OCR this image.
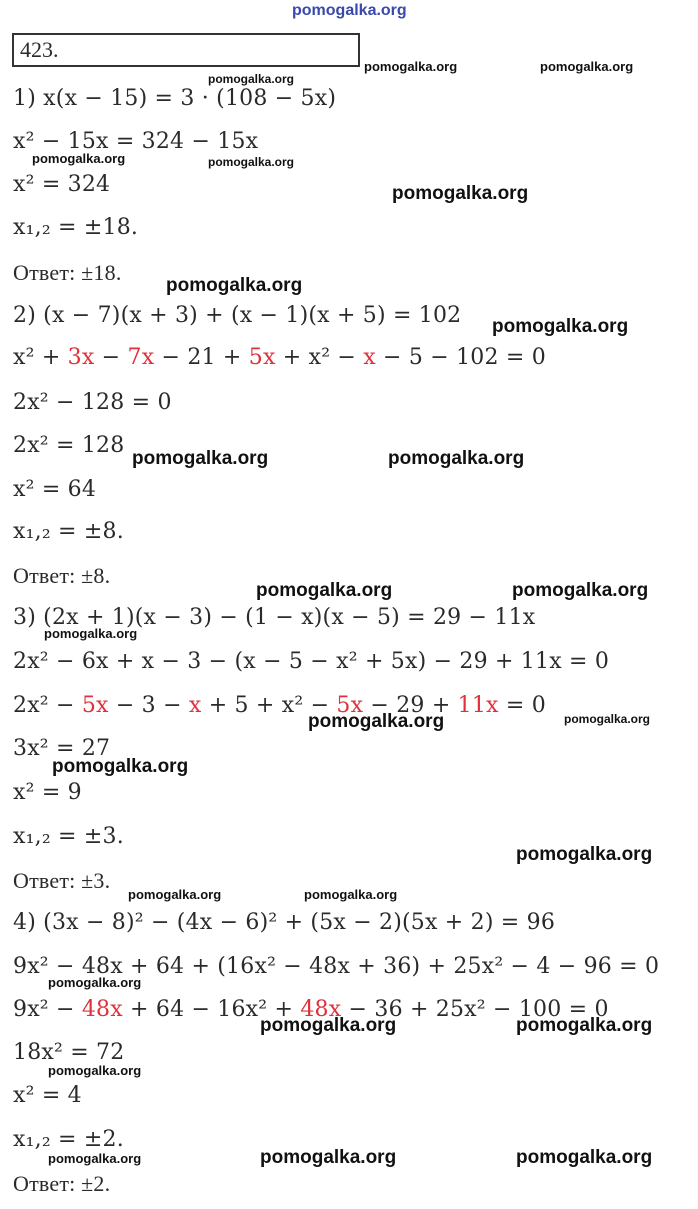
pomogalka.org
423.
1) x(x − 15) = 3 · (108 − 5x)
x² − 15x = 324 − 15x
x² = 324
x₁,₂ = ±18.
Ответ: ±18.
2) (x − 7)(x + 3) + (x − 1)(x + 5) = 102
x² + 3x − 7x − 21 + 5x + x² − x − 5 − 102 = 0
2x² − 128 = 0
2x² = 128
x² = 64
x₁,₂ = ±8.
Ответ: ±8.
3) (2x + 1)(x − 3) − (1 − x)(x − 5) = 29 − 11x
2x² − 6x + x − 3 − (x − 5 − x² + 5x) − 29 + 11x = 0
2x² − 5x − 3 − x + 5 + x² − 5x − 29 + 11x = 0
3x² = 27
x² = 9
x₁,₂ = ±3.
Ответ: ±3.
4) (3x − 8)² − (4x − 6)² + (5x − 2)(5x + 2) = 96
9x² − 48x + 64 + (16x² − 48x + 36) + 25x² − 4 − 96 = 0
9x² − 48x + 64 − 16x² + 48x − 36 + 25x² − 100 = 0
18x² = 72
x² = 4
x₁,₂ = ±2.
Ответ: ±2.
pomogalka.org	pomogalka.org
pomogalka.org
pomogalka.org	pomogalka.org
pomogalka.org
pomogalka.org
pomogalka.org
pomogalka.org	pomogalka.org
pomogalka.org	pomogalka.org
pomogalka.org
pomogalka.org	pomogalka.org
pomogalka.org
pomogalka.org
pomogalka.org	pomogalka.org
pomogalka.org
pomogalka.org	pomogalka.org
pomogalka.org
pomogalka.org	pomogalka.org	pomogalka.org
